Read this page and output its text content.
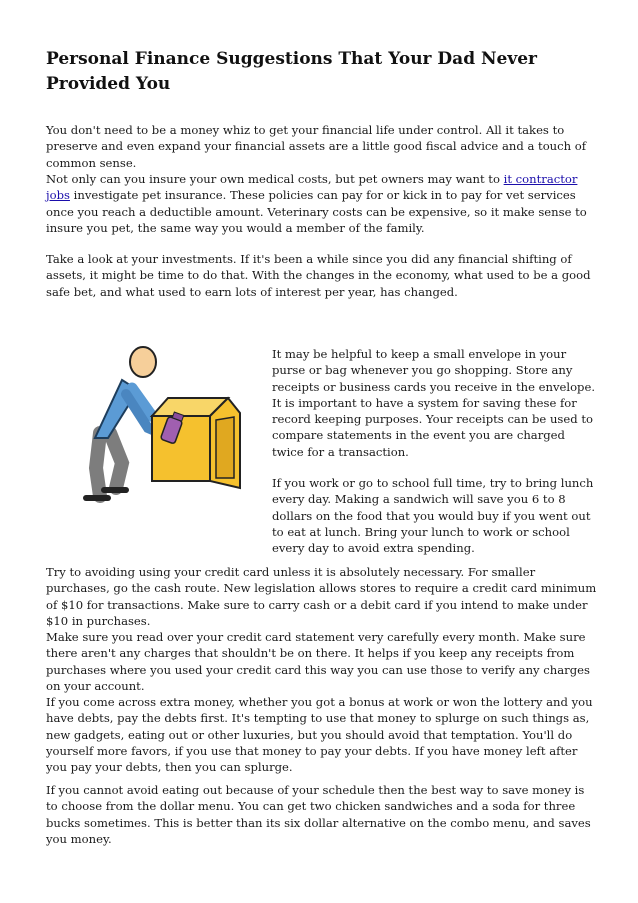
Personal Finance Suggestions That Your Dad Never Provided You

You don't need to be a money whiz to get your financial life under control. All it takes to preserve and even expand your financial assets are a little good fiscal advice and a touch of common sense.

Not only can you insure your own medical costs, but pet owners may want to it contractor jobs investigate pet insurance. These policies can pay for or kick in to pay for vet services once you reach a deductible amount. Veterinary costs can be expensive, so it make sense to insure you pet, the same way you would a member of the family.

Take a look at your investments. If it's been a while since you did any financial shifting of assets, it might be time to do that. With the changes in the economy, what used to be a good safe bet, and what used to earn lots of interest per year, has changed.

It may be helpful to keep a small envelope in your purse or bag whenever you go shopping. Store any receipts or business cards you receive in the envelope. It is important to have a system for saving these for record keeping purposes. Your receipts can be used to compare statements in the event you are charged twice for a transaction.

If you work or go to school full time, try to bring lunch every day. Making a sandwich will save you 6 to 8 dollars on the food that you would buy if you went out to eat at lunch. Bring your lunch to work or school every day to avoid extra spending.

Try to avoiding using your credit card unless it is absolutely necessary. For smaller purchases, go the cash route. New legislation allows stores to require a credit card minimum of $10 for transactions. Make sure to carry cash or a debit card if you intend to make under $10 in purchases.

Make sure you read over your credit card statement very carefully every month. Make sure there aren't any charges that shouldn't be on there. It helps if you keep any receipts from purchases where you used your credit card this way you can use those to verify any charges on your account.

If you come across extra money, whether you got a bonus at work or won the lottery and you have debts, pay the debts first. It's tempting to use that money to splurge on such things as, new gadgets, eating out or other luxuries, but you should avoid that temptation. You'll do yourself more favors, if you use that money to pay your debts. If you have money left after you pay your debts, then you can splurge.

If you cannot avoid eating out because of your schedule then the best way to save money is to choose from the dollar menu. You can get two chicken sandwiches and a soda for three bucks sometimes. This is better than its six dollar alternative on the combo menu, and saves you money.
